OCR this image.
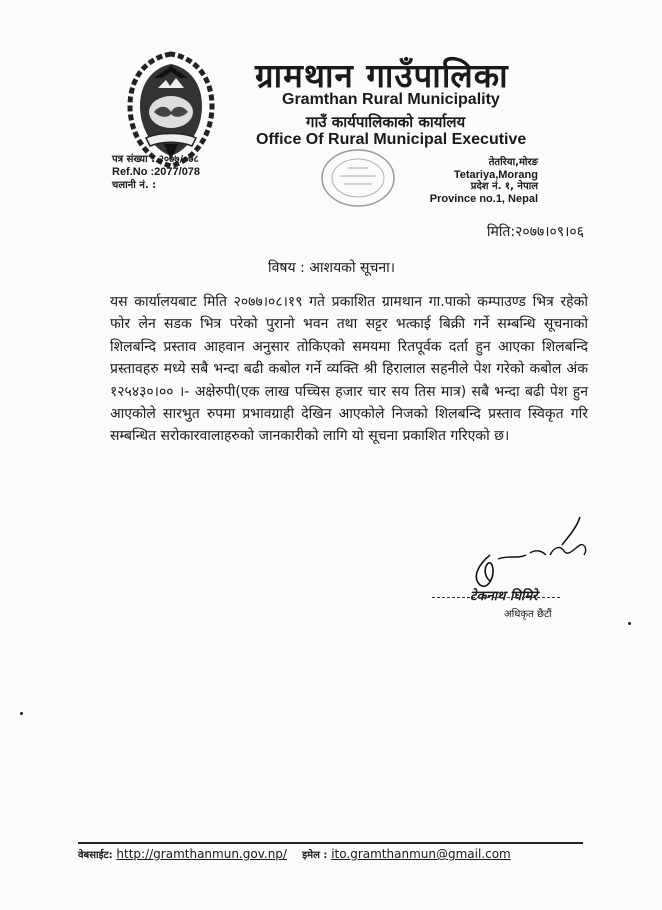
ग्रामथान गाउँपालिका
Gramthan Rural Municipality
गाउँ कार्यपालिकाको कार्यालय
Office Of Rural Municipal Executive
पत्र संख्या : २०७७/०७८
Ref.No :2077/078
चलानी नं. :
तेतरिया,मोरङ
Tetariya,Morang
प्रदेश नं. १, नेपाल
Province no.1, Nepal
मिति:२०७७।०९।०६
विषय : आशयको सूचना।
यस कार्यालयबाट मिति २०७७।०८।१९ गते प्रकाशित ग्रामथान गा.पाको कम्पाउण्ड भित्र रहेको फोर लेन सडक भित्र परेको पुरानो भवन तथा सट्टर भत्काई बिक्री गर्ने सम्बन्धि सूचनाको शिलबन्दि प्रस्ताव आहवान अनुसार तोकिएको समयमा रितपूर्वक दर्ता हुन आएका शिलबन्दि प्रस्तावहरु मध्ये सबै भन्दा बढी कबोल गर्ने व्यक्ति श्री हिरालाल सहनीले पेश गरेको कबोल अंक १२५४३०।०० ।- अक्षेरुपी(एक लाख पच्चिस हजार चार सय तिस मात्र) सबै भन्दा बढी पेश हुन आएकोले सारभुत रुपमा प्रभावग्राही देखिन आएकोले निजको शिलबन्दि प्रस्ताव स्विकृत गरि सम्बन्धित सरोकारवालाहरुको जानकारीको लागि यो सूचना प्रकाशित गरिएको छ।
टेकनाथ घिमिरे
अधिकृत छैटौं
वेबसाईट: http://gramthanmun.gov.np/ इमेल : ito.gramthanmun@gmail.com
